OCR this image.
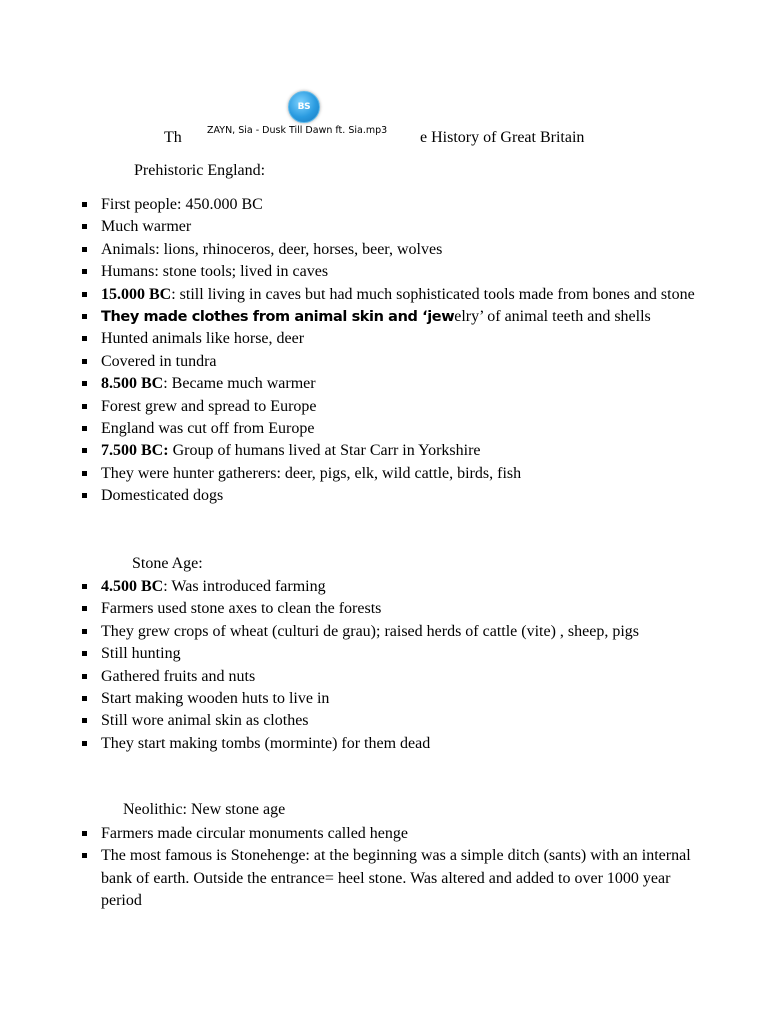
BS
ZAYN, Sia - Dusk Till Dawn ft. Sia.mp3
Th	e History of Great Britain
Prehistoric England:
First people: 450.000 BC
Much warmer
Animals: lions, rhinoceros, deer, horses, beer, wolves
Humans: stone tools; lived in caves
15.000 BC: still living in caves but had much sophisticated tools made from bones and stone
They made clothes from animal skin and ‘jewelry’ of animal teeth and shells
Hunted animals like horse, deer
Covered in tundra
8.500 BC: Became much warmer
Forest grew and spread to Europe
England was cut off from Europe
7.500 BC: Group of humans lived at Star Carr in Yorkshire
They were hunter gatherers: deer, pigs, elk, wild cattle, birds, fish
Domesticated dogs
Stone Age:
4.500 BC: Was introduced farming
Farmers used stone axes to clean the forests
They grew crops of wheat (culturi de grau); raised herds of cattle (vite) , sheep, pigs
Still hunting
Gathered fruits and nuts
Start making wooden huts to live in
Still wore animal skin as clothes
They start making tombs (morminte) for them dead
Neolithic: New stone age
Farmers made circular monuments called henge
The most famous is Stonehenge: at the beginning was a simple ditch (sants) with an internal bank of earth. Outside the entrance= heel stone. Was altered and added to over 1000 year period
